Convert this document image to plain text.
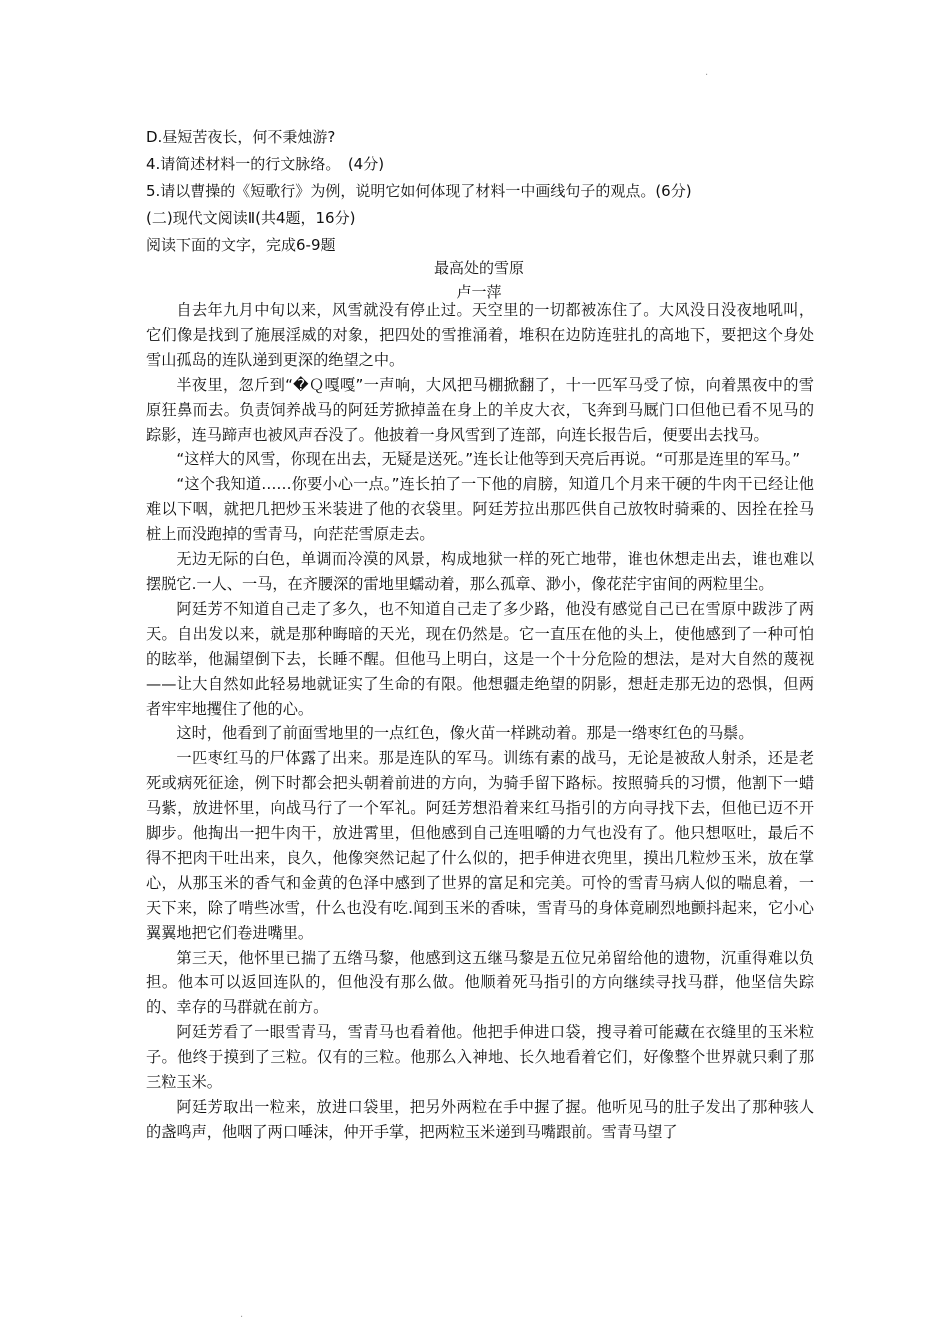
·
D.昼短苦夜长，何不秉烛游?
4.请简述材料一的行文脉络。　(4分)
5.请以曹操的《短歌行》为例，说明它如何体现了材料一中画线句子的观点。(6分)
(二)现代文阅读Ⅱ(共4题，16分)
阅读下面的文字，完成6-9题
最高处的雪原
卢一萍

自去年九月中旬以来，风雪就没有停止过。天空里的一切都被冻住了。大风没日没夜地吼叫，它们像是找到了施展淫威的对象，把四处的雪推涌着，堆积在边防连驻扎的高地下，要把这个身处雪山孤岛的连队递到更深的绝望之中。

半夜里，忽斤到“�Ｑ嘎嘎”一声响，大风把马棚掀翻了，十一匹军马受了惊，向着黑夜中的雪原狂鼻而去。负责饲养战马的阿廷芳掀掉盖在身上的羊皮大衣，飞奔到马厩门口但他已看不见马的踪影，连马蹄声也被风声吞没了。他披着一身风雪到了连部，向连长报告后，便要出去找马。

“这样大的风雪，你现在出去，无疑是送死。”连长让他等到天亮后再说。“可那是连里的军马。”

“这个我知道……你要小心一点。”连长拍了一下他的肩膀，知道几个月来干硬的牛肉干已经让他难以下咽，就把几把炒玉米装进了他的衣袋里。阿廷芳拉出那匹供自己放牧时骑乘的、因拴在拴马桩上而没跑掉的雪青马，向茫茫雪原走去。

无边无际的白色，单调而冷漠的风景，构成地狱一样的死亡地带，谁也休想走出去，谁也难以摆脱它.一人、一马，在齐腰深的雷地里蠕动着，那么孤章、渺小，像花茫宇宙间的两粒里尘。

阿廷芳不知道自己走了多久，也不知道自己走了多少路，他没有感觉自己已在雪原中跋涉了两天。自出发以来，就是那种晦暗的天光，现在仍然是。它一直压在他的头上，使他感到了一种可怕的眩举，他漏望倒下去，长睡不醒。但他马上明白，这是一个十分危险的想法，是对大自然的蔑视——让大自然如此轻易地就证实了生命的有限。他想疆走绝望的阴影，想赶走那无边的恐惧，但两者牢牢地攫住了他的心。

这时，他看到了前面雪地里的一点红色，像火苗一样跳动着。那是一绺枣红色的马鬃。

一匹枣红马的尸体露了出来。那是连队的军马。训练有素的战马，无论是被敌人射杀，还是老死或病死征途，例下时都会把头朝着前进的方向，为骑手留下路标。按照骑兵的习惯，他割下一蜡马紫，放进怀里，向战马行了一个军礼。阿廷芳想沿着来红马指引的方向寻找下去，但他已迈不开脚步。他掏出一把牛肉干，放进霄里，但他感到自己连咀嚼的力气也没有了。他只想呕吐，最后不得不把肉干吐出来，良久，他像突然记起了什么似的，把手伸进衣兜里，摸出几粒炒玉米，放在掌心，从那玉米的香气和金黄的色泽中感到了世界的富足和完美。可怜的雪青马病人似的喘息着，一天下来，除了啃些冰雪，什么也没有吃.闻到玉米的香味，雪青马的身体竟刷烈地颤抖起来，它小心翼翼地把它们卷进嘴里。

第三天，他怀里已揣了五绺马黎，他感到这五继马黎是五位兄弟留给他的遗物，沉重得难以负担。他本可以返回连队的，但他没有那么做。他顺着死马指引的方向继续寻找马群，他坚信失踪的、幸存的马群就在前方。

阿廷芳看了一眼雪青马，雪青马也看着他。他把手伸进口袋，搜寻着可能藏在衣缝里的玉米粒子。他终于摸到了三粒。仅有的三粒。他那么入神地、长久地看着它们，好像整个世界就只剩了那三粒玉米。

阿廷芳取出一粒来，放进口袋里，把另外两粒在手中握了握。他听见马的肚子发出了那种骇人的盏鸣声，他咽了两口唾沫，仲开手掌，把两粒玉米递到马嘴跟前。雪青马望了

·
